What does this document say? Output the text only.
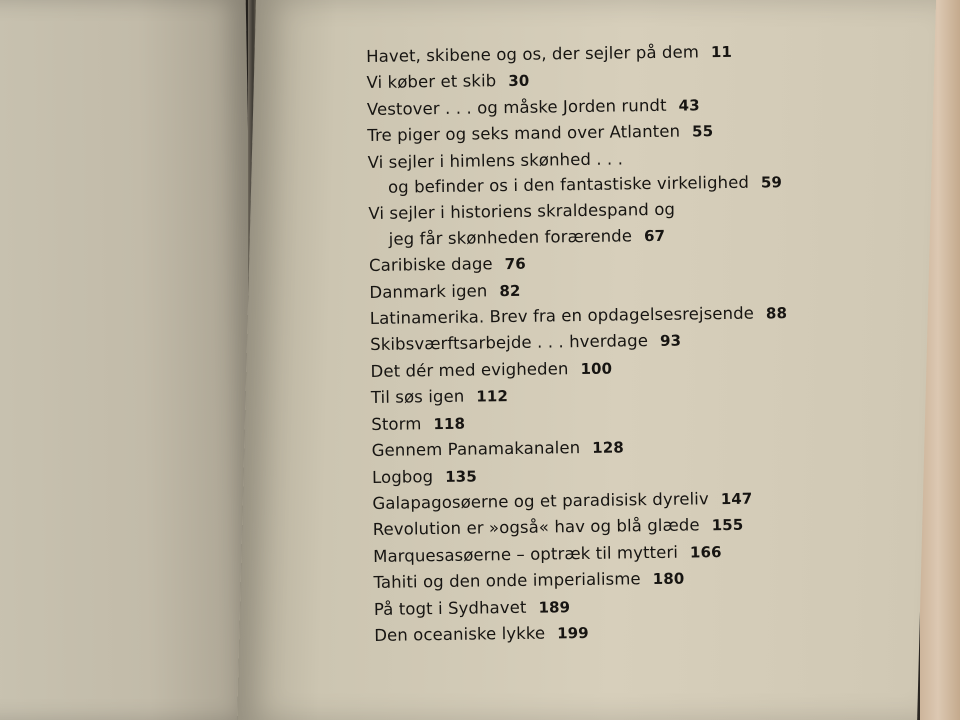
Havet, skibene og os, der sejler på dem 11
Vi køber et skib 30
Vestover . . . og måske Jorden rundt 43
Tre piger og seks mand over Atlanten 55
Vi sejler i himlens skønhed . . .
og befinder os i den fantastiske virkelighed 59
Vi sejler i historiens skraldespand og
jeg får skønheden forærende 67
Caribiske dage 76
Danmark igen 82
Latinamerika. Brev fra en opdagelsesrejsende 88
Skibsværftsarbejde . . . hverdage 93
Det dér med evigheden 100
Til søs igen 112
Storm 118
Gennem Panamakanalen 128
Logbog 135
Galapagosøerne og et paradisisk dyreliv 147
Revolution er »også« hav og blå glæde 155
Marquesasøerne – optræk til mytteri 166
Tahiti og den onde imperialisme 180
På togt i Sydhavet 189
Den oceaniske lykke 199
